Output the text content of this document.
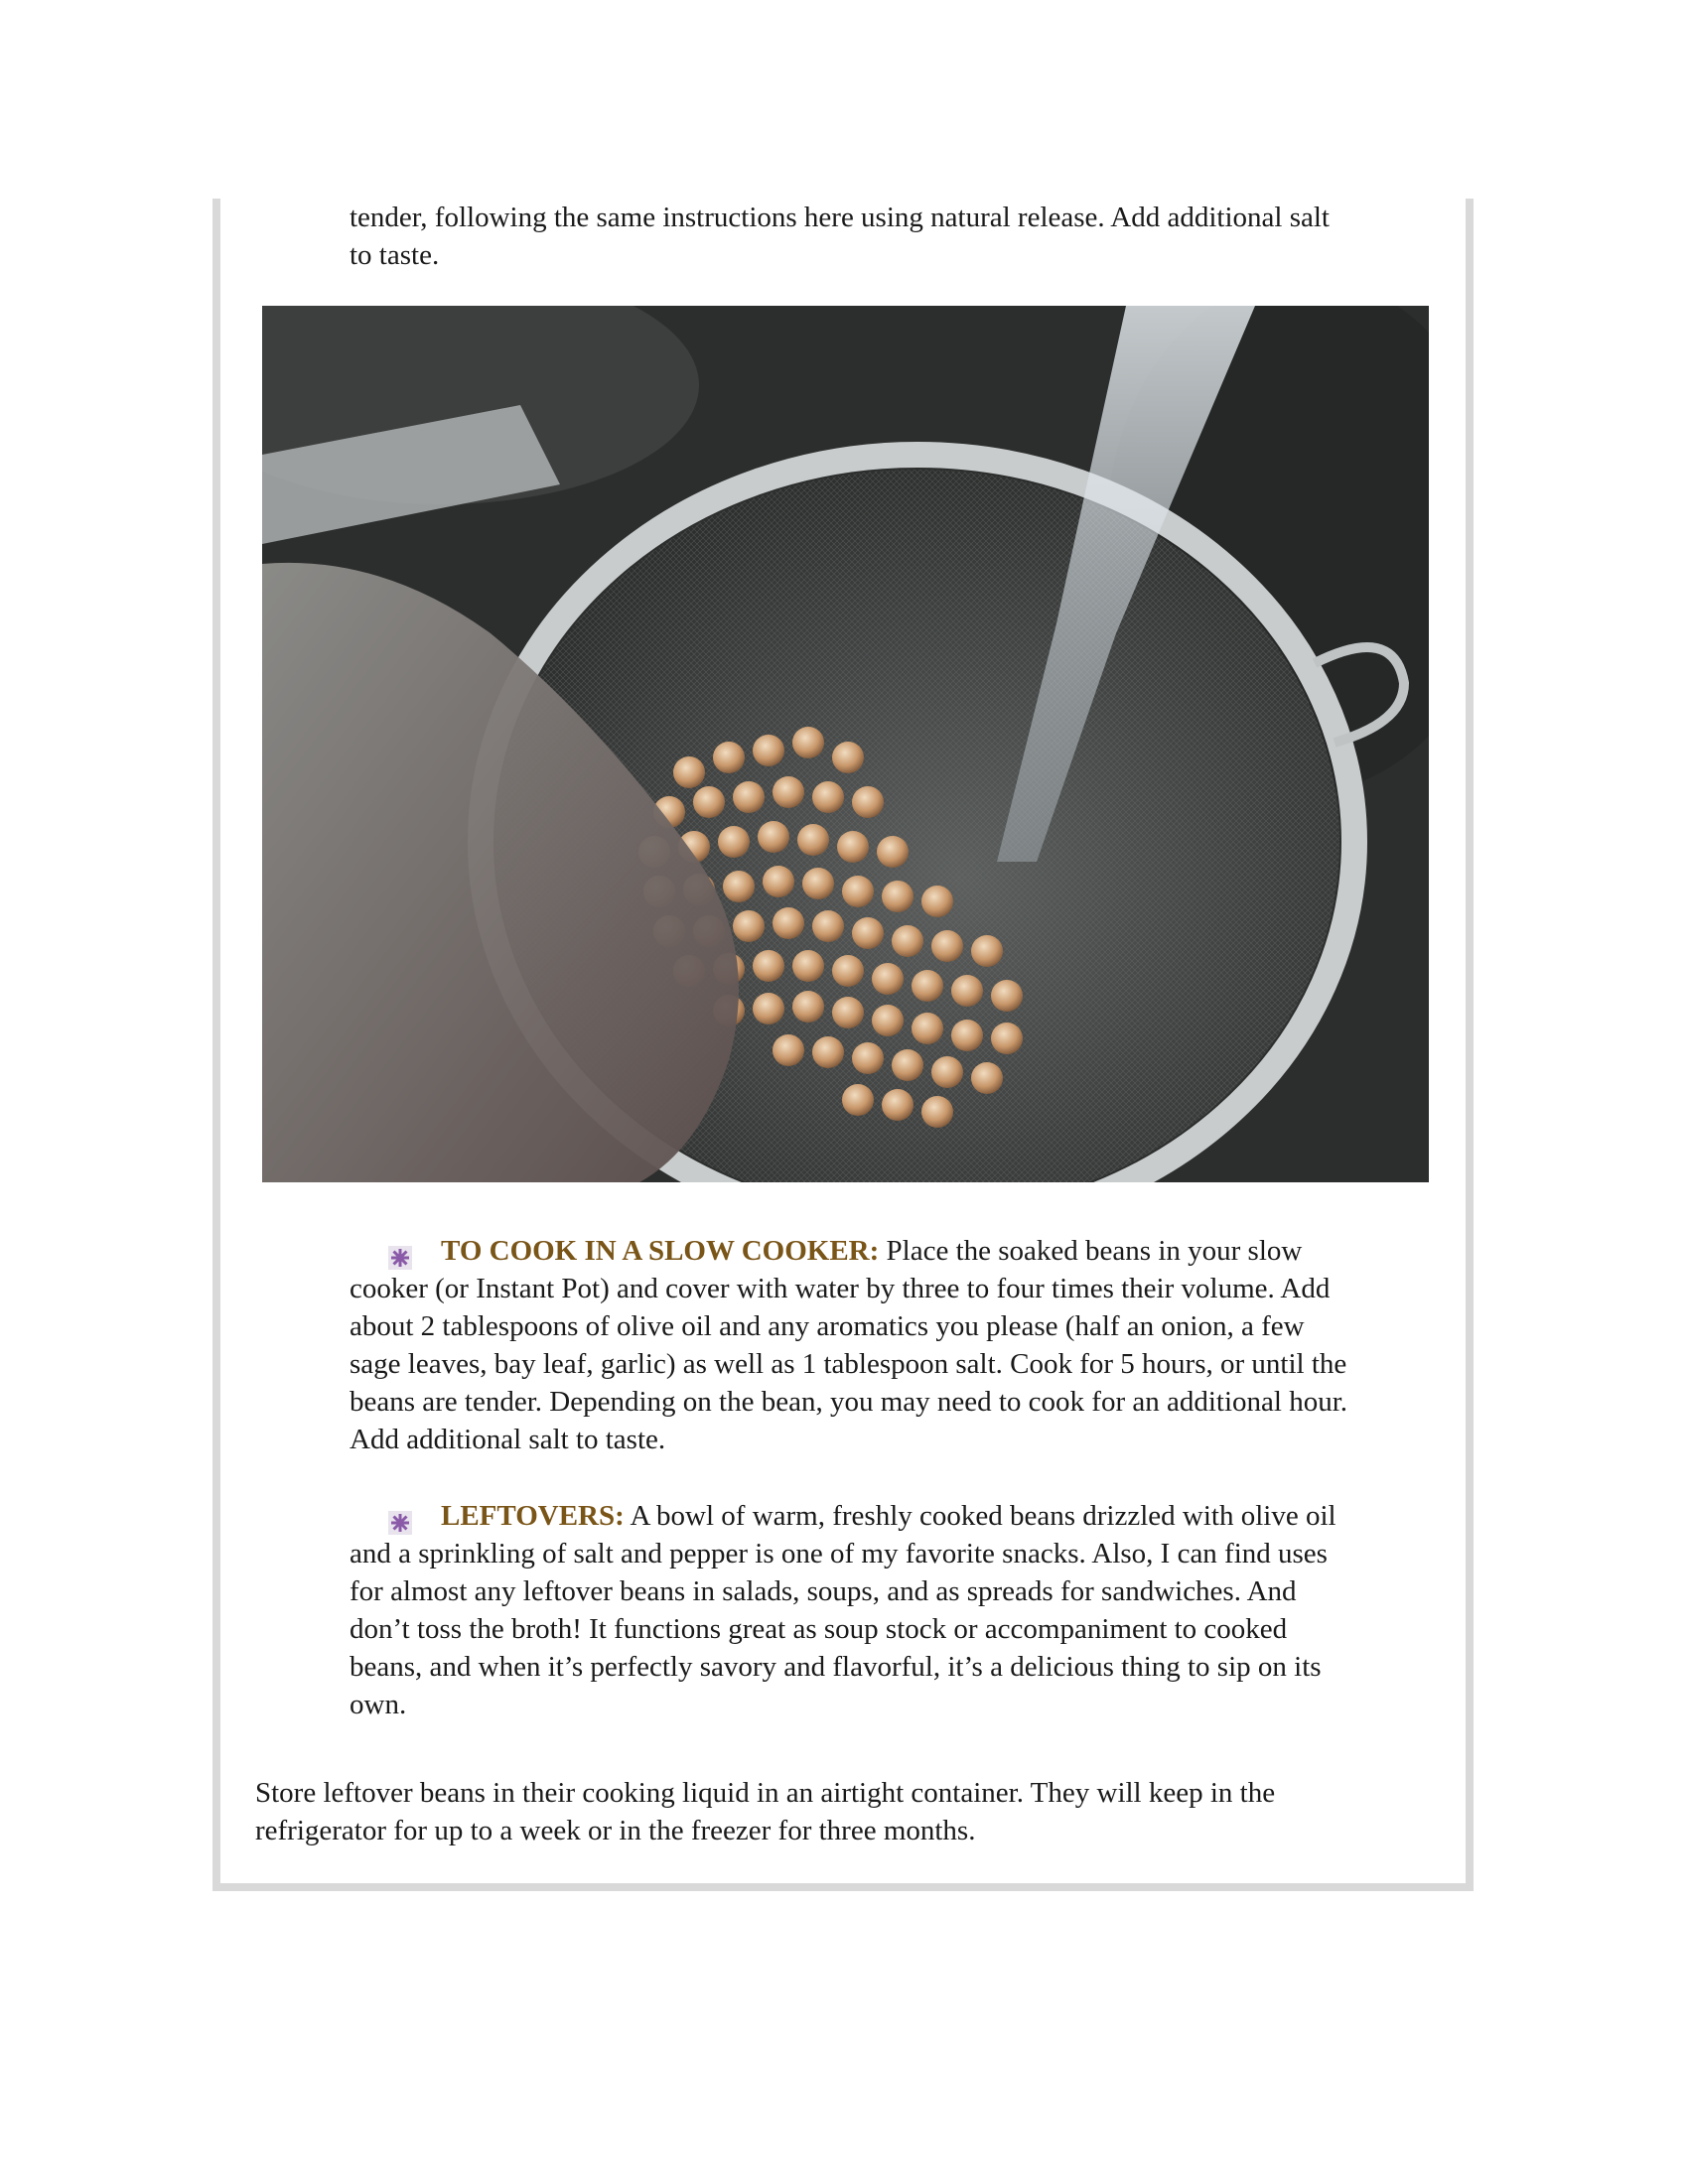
tender, following the same instructions here using natural release. Add additional salt
to taste.
TO COOK IN A SLOW COOKER: Place the soaked beans in your slow
cooker (or Instant Pot) and cover with water by three to four times their volume. Add
about 2 tablespoons of olive oil and any aromatics you please (half an onion, a few
sage leaves, bay leaf, garlic) as well as 1 tablespoon salt. Cook for 5 hours, or until the
beans are tender. Depending on the bean, you may need to cook for an additional hour.
Add additional salt to taste.
LEFTOVERS: A bowl of warm, freshly cooked beans drizzled with olive oil
and a sprinkling of salt and pepper is one of my favorite snacks. Also, I can find uses
for almost any leftover beans in salads, soups, and as spreads for sandwiches. And
don’t toss the broth! It functions great as soup stock or accompaniment to cooked
beans, and when it’s perfectly savory and flavorful, it’s a delicious thing to sip on its
own.
Store leftover beans in their cooking liquid in an airtight container. They will keep in the
refrigerator for up to a week or in the freezer for three months.
